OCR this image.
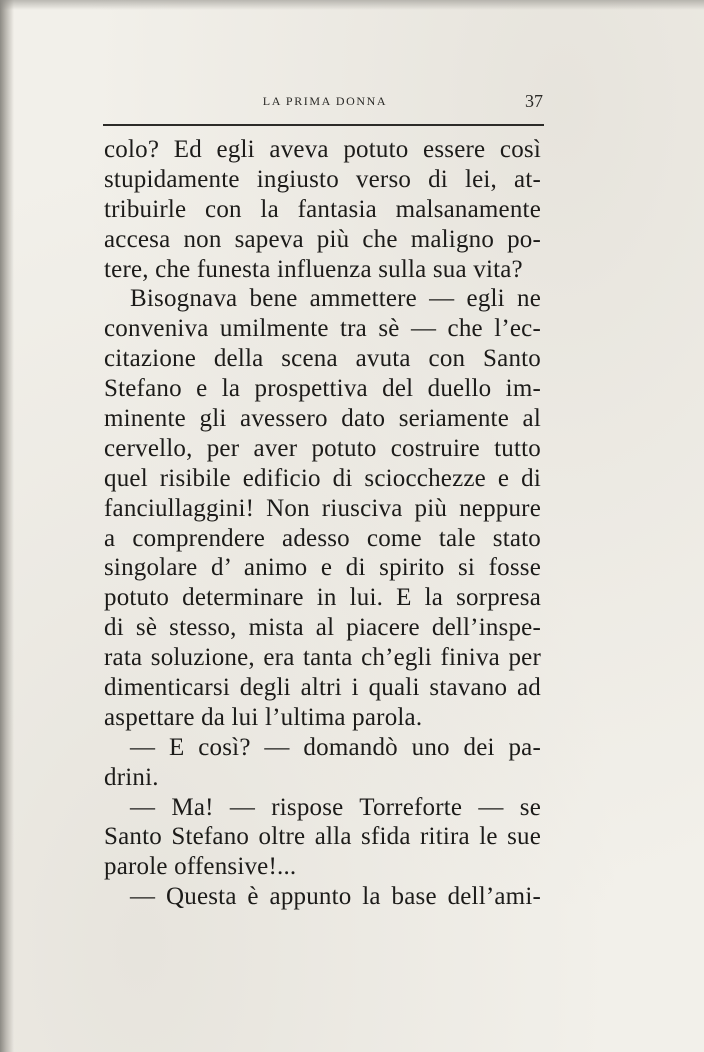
LA PRIMA DONNA	37
colo? Ed egli aveva potuto essere così
stupidamente ingiusto verso di lei, at-
tribuirle con la fantasia malsanamente
accesa non sapeva più che maligno po-
tere, che funesta influenza sulla sua vita?
Bisognava bene ammettere — egli ne
conveniva umilmente tra sè — che l’ec-
citazione della scena avuta con Santo
Stefano e la prospettiva del duello im-
minente gli avessero dato seriamente al
cervello, per aver potuto costruire tutto
quel risibile edificio di sciocchezze e di
fanciullaggini! Non riusciva più neppure
a comprendere adesso come tale stato
singolare d’ animo e di spirito si fosse
potuto determinare in lui. E la sorpresa
di sè stesso, mista al piacere dell’inspe-
rata soluzione, era tanta ch’egli finiva per
dimenticarsi degli altri i quali stavano ad
aspettare da lui l’ultima parola.
— E così? — domandò uno dei pa-
drini.
— Ma! — rispose Torreforte — se
Santo Stefano oltre alla sfida ritira le sue
parole offensive!...
— Questa è appunto la base dell’ami-
